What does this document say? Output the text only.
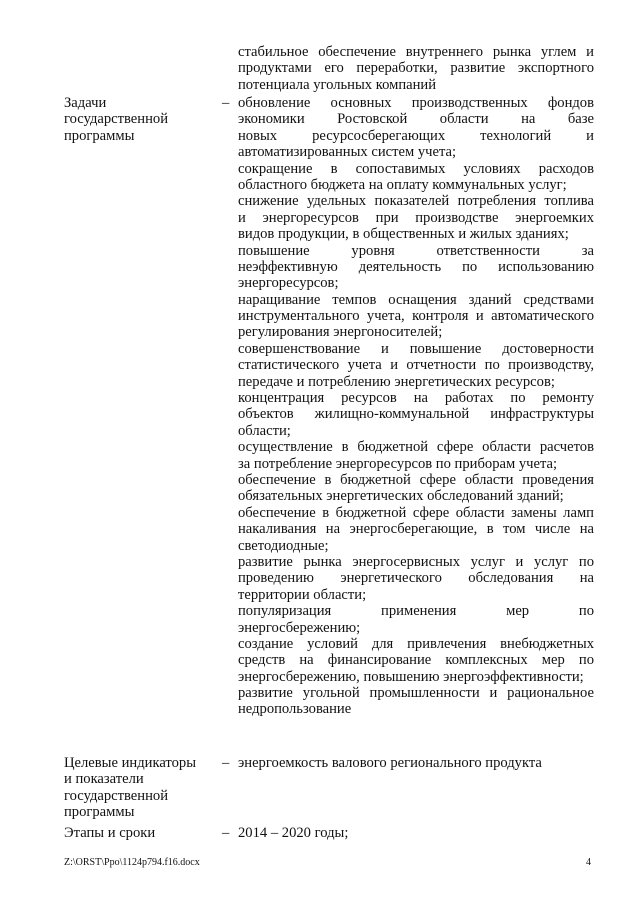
стабильное обеспечение внутреннего рынка углем и
продуктами его переработки, развитие экспортного
потенциала угольных компаний
Задачи
государственной
программы
– обновление основных производственных фондов
экономики Ростовской области на базе
новых ресурсосберегающих технологий и
автоматизированных систем учета;
сокращение в сопоставимых условиях расходов
областного бюджета на оплату коммунальных услуг;
снижение удельных показателей потребления топлива
и энергоресурсов при производстве энергоемких
видов продукции, в общественных и жилых зданиях;
повышение уровня ответственности за
неэффективную деятельность по использованию
энергоресурсов;
наращивание темпов оснащения зданий средствами
инструментального учета, контроля и автоматического
регулирования энергоносителей;
совершенствование и повышение достоверности
статистического учета и отчетности по производству,
передаче и потреблению энергетических ресурсов;
концентрация ресурсов на работах по ремонту
объектов жилищно-коммунальной инфраструктуры
области;
осуществление в бюджетной сфере области расчетов
за потребление энергоресурсов по приборам учета;
обеспечение в бюджетной сфере области проведения
обязательных энергетических обследований зданий;
обеспечение в бюджетной сфере области замены ламп
накаливания на энергосберегающие, в том числе на
светодиодные;
развитие рынка энергосервисных услуг и услуг по
проведению энергетического обследования на
территории области;
популяризация применения мер по
энергосбережению;
создание условий для привлечения внебюджетных
средств на финансирование комплексных мер по
энергосбережению, повышению энергоэффективности;
развитие угольной промышленности и рациональное
недропользование
Целевые индикаторы
и показатели
государственной
программы
– энергоемкость валового регионального продукта
Этапы и сроки	– 2014 – 2020 годы;
Z:\ORST\Ppo\1124p794.f16.docx	4
